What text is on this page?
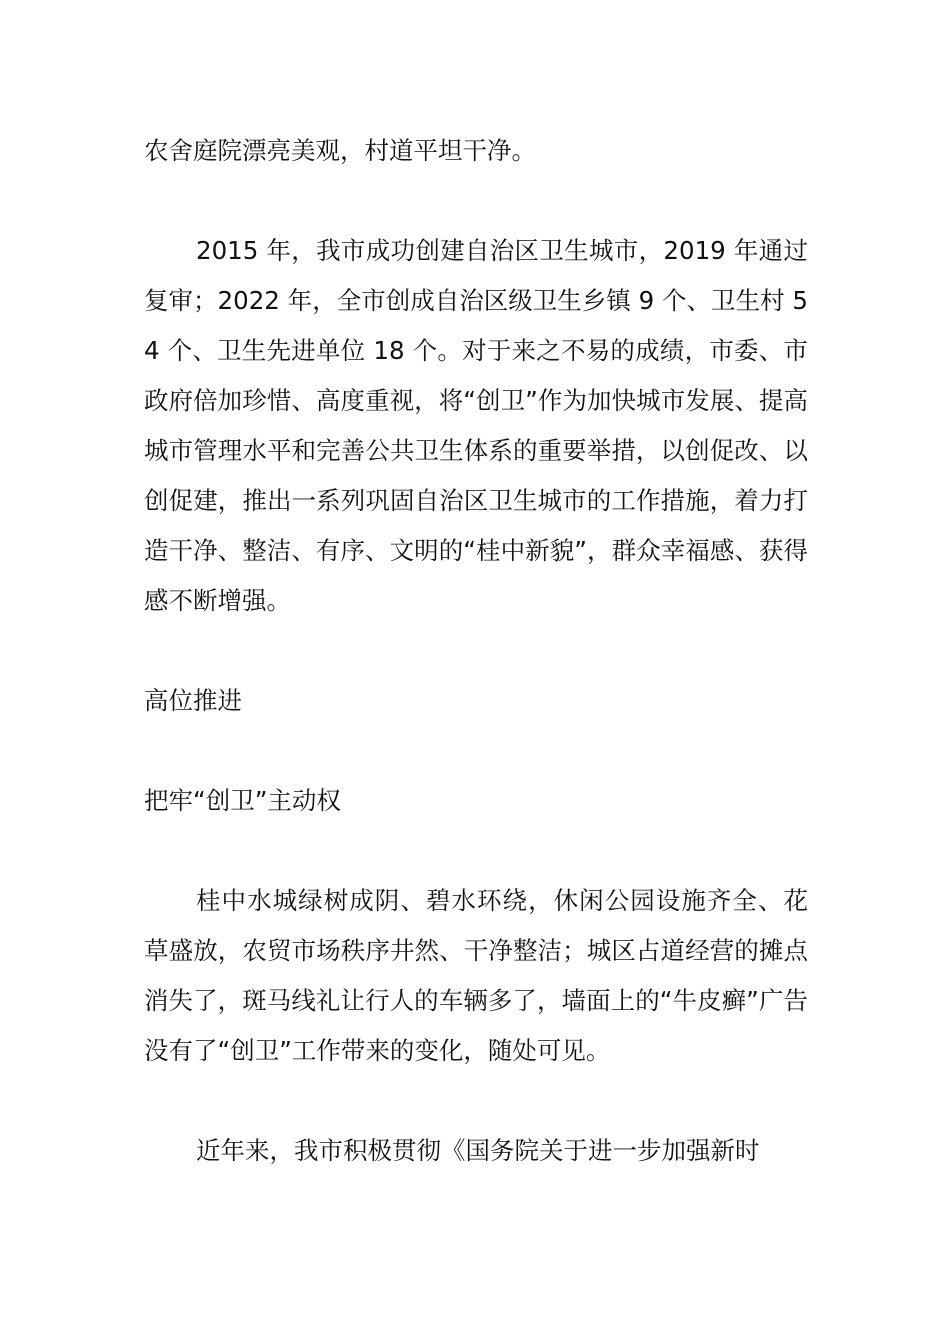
农舍庭院漂亮美观，村道平坦干净。

2015 年，我市成功创建自治区卫生城市，2019 年通过复审；2022 年，全市创成自治区级卫生乡镇 9 个、卫生村 54 个、卫生先进单位 18 个。对于来之不易的成绩，市委、市政府倍加珍惜、高度重视，将“创卫”作为加快城市发展、提高城市管理水平和完善公共卫生体系的重要举措，以创促改、以创促建，推出一系列巩固自治区卫生城市的工作措施，着力打造干净、整洁、有序、文明的“桂中新貌”，群众幸福感、获得感不断增强。

高位推进

把牢“创卫”主动权

桂中水城绿树成阴、碧水环绕，休闲公园设施齐全、花草盛放，农贸市场秩序井然、干净整洁；城区占道经营的摊点消失了，斑马线礼让行人的车辆多了，墙面上的“牛皮癣”广告没有了“创卫”工作带来的变化，随处可见。

近年来，我市积极贯彻《国务院关于进一步加强新时
